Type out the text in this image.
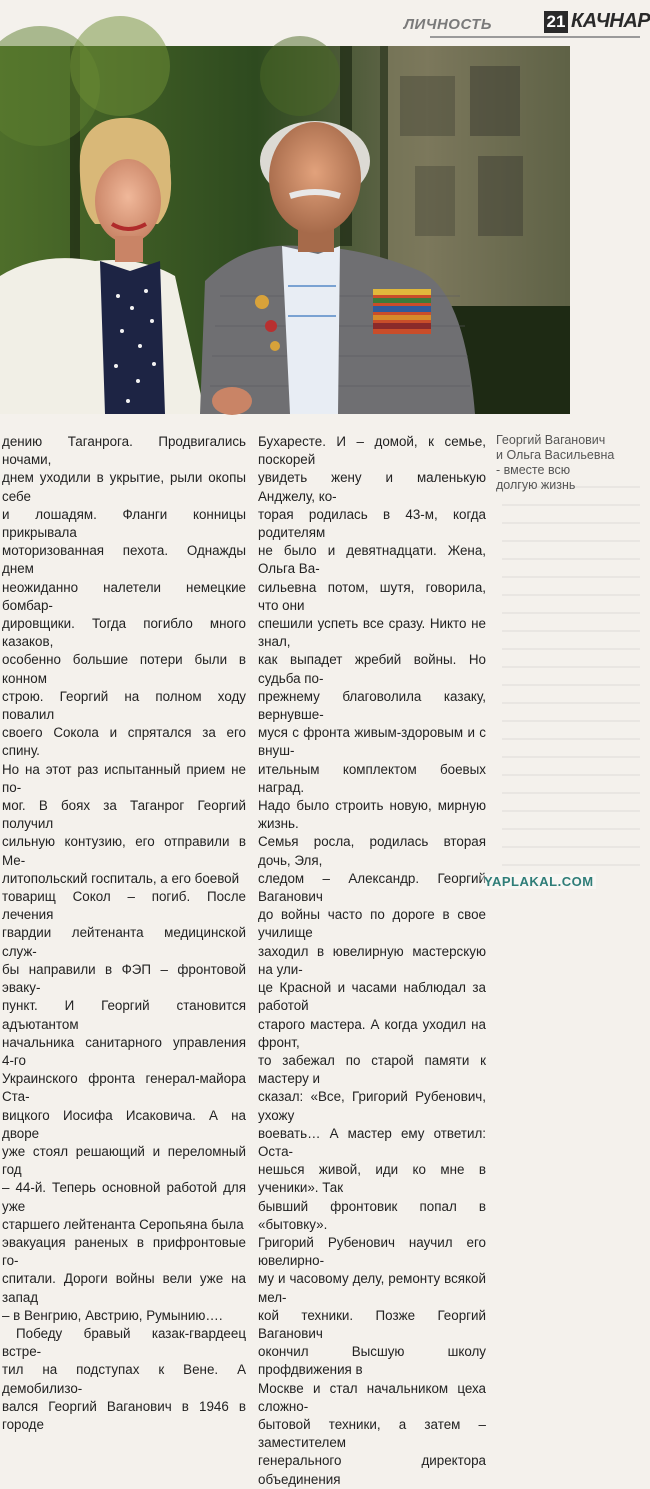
ЛИЧНОСТЬ	21 КАЧНАР
Георгий Ваганович
и Ольга Васильевна
- вместе всю
долгую жизнь

дению Таганрога. Продвигались ночами,
днем уходили в укрытие, рыли окопы себе
и лошадям. Фланги конницы прикрывала
моторизованная пехота. Однажды днем
неожиданно налетели немецкие бомбар-
дировщики. Тогда погибло много казаков,
особенно большие потери были в конном
строю. Георгий на полном ходу повалил
своего Сокола и спрятался за его спину.
Но на этот раз испытанный прием не по-
мог. В боях за Таганрог Георгий получил
сильную контузию, его отправили в Ме-
литопольский госпиталь, а его боевой
товарищ Сокол – погиб. После лечения
гвардии лейтенанта медицинской служ-
бы направили в ФЭП – фронтовой эваку-
пункт. И Георгий становится адъютантом
начальника санитарного управления 4-го
Украинского фронта генерал-майора Ста-
вицкого Иосифа Исаковича. А на дворе
уже стоял решающий и переломный год
– 44-й. Теперь основной работой для уже
старшего лейтенанта Серопьяна была
эвакуация раненых в прифронтовые го-
спитали. Дороги войны вели уже на запад
– в Венгрию, Австрию, Румынию….

Победу бравый казак-гвардеец встре-
тил на подступах к Вене. А демобилизо-
вался Георгий Ваганович в 1946 в городе

Бухаресте. И – домой, к семье, поскорей
увидеть жену и маленькую Анджелу, ко-
торая родилась в 43-м, когда родителям
не было и девятнадцати. Жена, Ольга Ва-
сильевна потом, шутя, говорила, что они
спешили успеть все сразу. Никто не знал,
как выпадет жребий войны. Но судьба по-
прежнему благоволила казаку, вернувше-
муся с фронта живым-здоровым и с внуш-
ительным комплектом боевых наград.
Надо было строить новую, мирную жизнь.
Семья росла, родилась вторая дочь, Эля,
следом – Александр. Георгий Ваганович
до войны часто по дороге в свое училище
заходил в ювелирную мастерскую на ули-
це Красной и часами наблюдал за работой
старого мастера. А когда уходил на фронт,
то забежал по старой памяти к мастеру и
сказал: «Все, Григорий Рубенович, ухожу
воевать… А мастер ему ответил: Оста-
нешься живой, иди ко мне в ученики». Так
бывший фронтовик попал в «бытовку».
Григорий Рубенович научил его ювелирно-
му и часовому делу, ремонту всякой мел-
кой техники. Позже Георгий Ваганович
окончил Высшую школу профдвижения в
Москве и стал начальником цеха сложно-
бытовой техники, а затем – заместителем
генерального директора объединения

YAPLAKAL.COM
